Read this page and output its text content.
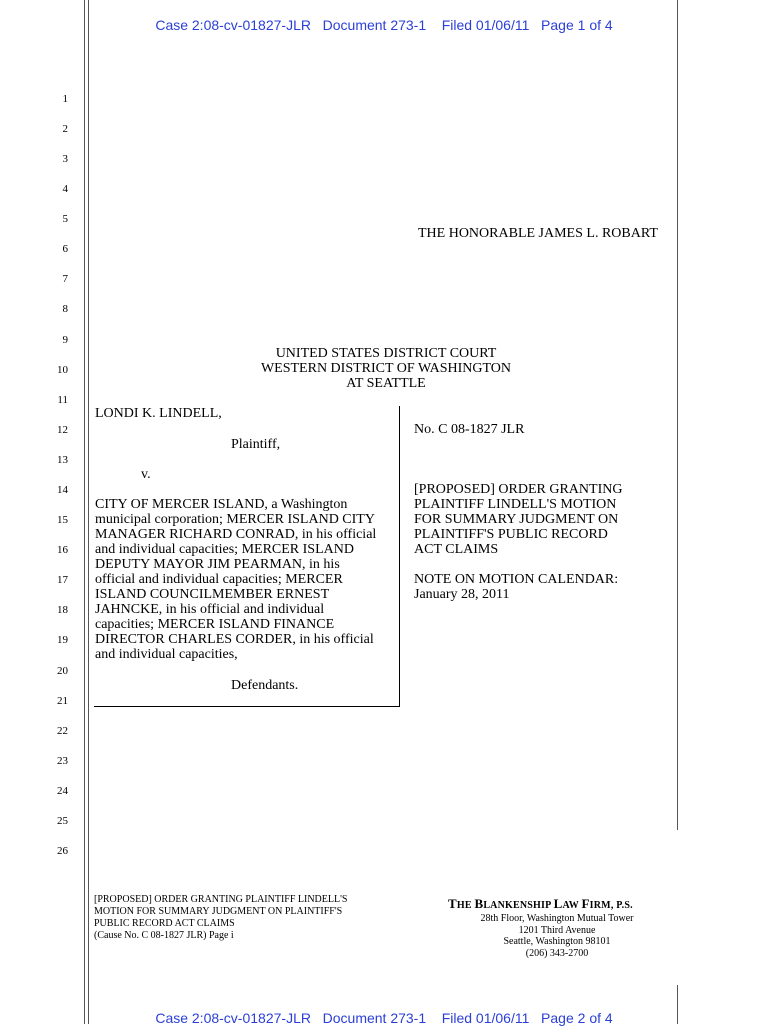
Case 2:08-cv-01827-JLR   Document 273-1    Filed 01/06/11   Page 1 of 4
1
2
3
4
5
6
7
8
9
10
11
12
13
14
15
16
17
18
19
20
21
22
23
24
25
26
THE HONORABLE JAMES L. ROBART
UNITED STATES DISTRICT COURT
WESTERN DISTRICT OF WASHINGTON
AT SEATTLE
LONDI K. LINDELL,
Plaintiff,
v.
CITY OF MERCER ISLAND, a Washington
municipal corporation; MERCER ISLAND CITY
MANAGER RICHARD CONRAD, in his official
and individual capacities; MERCER ISLAND
DEPUTY MAYOR JIM PEARMAN, in his
official and individual capacities; MERCER
ISLAND COUNCILMEMBER ERNEST
JAHNCKE, in his official and individual
capacities; MERCER ISLAND FINANCE
DIRECTOR CHARLES CORDER, in his official
and individual capacities,
Defendants.
No. C 08-1827 JLR
[PROPOSED] ORDER GRANTING
PLAINTIFF LINDELL'S MOTION
FOR SUMMARY JUDGMENT ON
PLAINTIFF'S PUBLIC RECORD
ACT CLAIMS
NOTE ON MOTION CALENDAR:
January 28, 2011
[PROPOSED] ORDER GRANTING PLAINTIFF LINDELL'S
MOTION FOR SUMMARY JUDGMENT ON PLAINTIFF'S
PUBLIC RECORD ACT CLAIMS
(Cause No. C 08-1827 JLR) Page i
THE BLANKENSHIP LAW FIRM, P.S.
28th Floor, Washington Mutual Tower
1201 Third Avenue
Seattle, Washington 98101
(206) 343-2700
Case 2:08-cv-01827-JLR   Document 273-1    Filed 01/06/11   Page 2 of 4
